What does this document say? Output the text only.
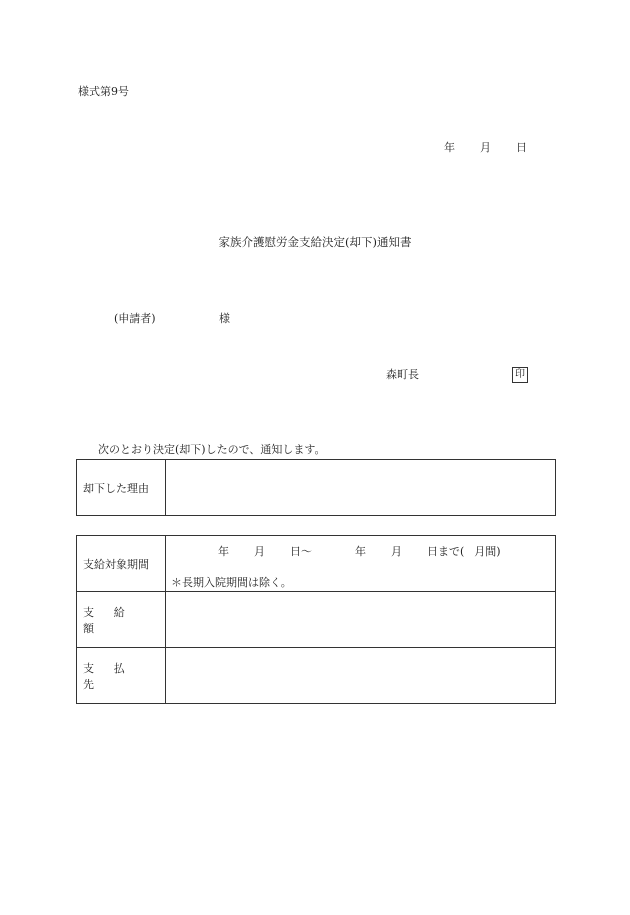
様式第9号
年 月 日
家族介護慰労金支給決定(却下)通知書
(申請者)	様
森町長	印
次のとおり決定(却下)したので、通知します。
却下した理由	
支給対象期間	年 月 日〜 年 月 日まで( 月間)
＊長期入院期間は除く。

支給額	
支払先	
